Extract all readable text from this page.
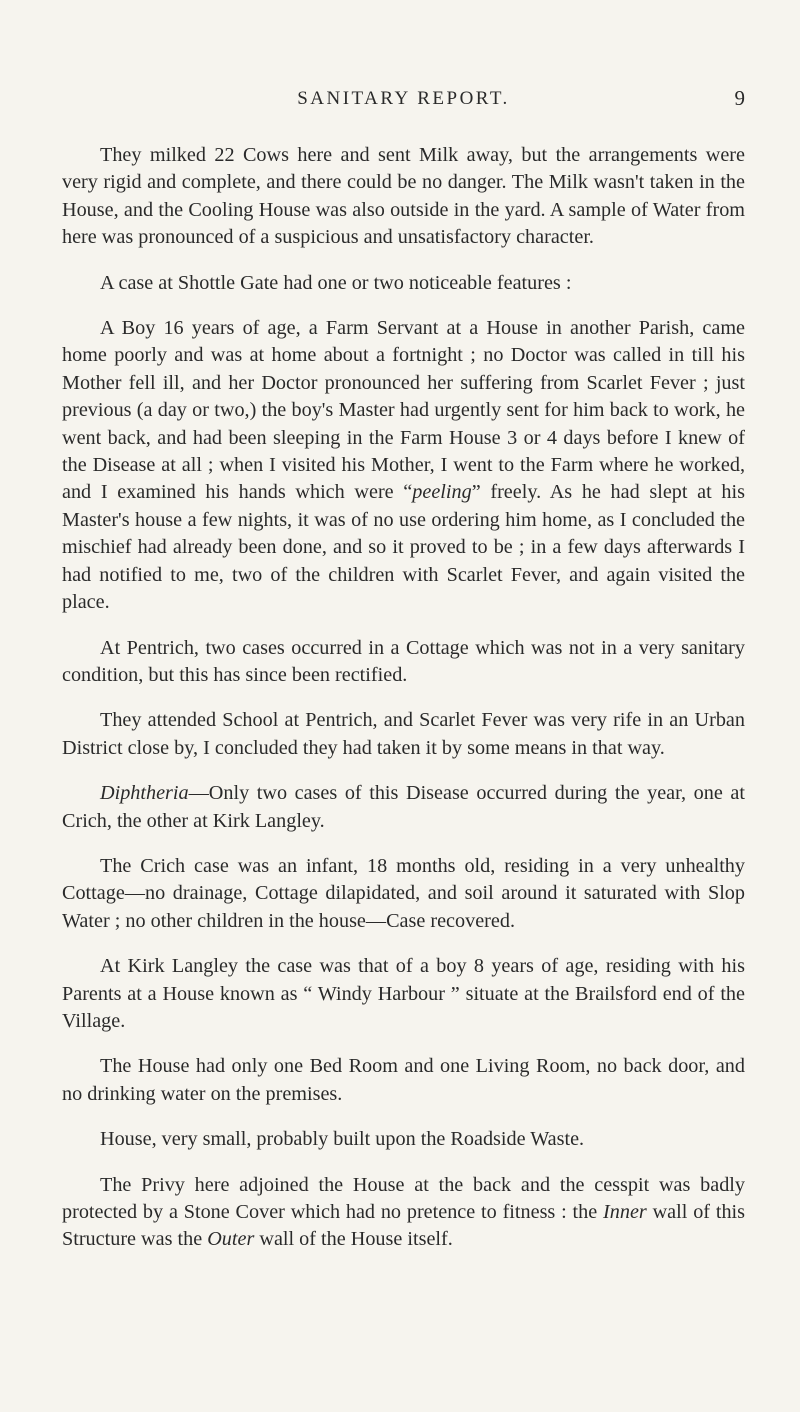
SANITARY REPORT.	9

They milked 22 Cows here and sent Milk away, but the arrangements were very rigid and complete, and there could be no danger. The Milk wasn't taken in the House, and the Cooling House was also outside in the yard. A sample of Water from here was pronounced of a suspicious and unsatisfactory character.

A case at Shottle Gate had one or two noticeable features :

A Boy 16 years of age, a Farm Servant at a House in another Parish, came home poorly and was at home about a fortnight ; no Doctor was called in till his Mother fell ill, and her Doctor pronounced her suffering from Scarlet Fever ; just previous (a day or two,) the boy's Master had urgently sent for him back to work, he went back, and had been sleeping in the Farm House 3 or 4 days before I knew of the Disease at all ; when I visited his Mother, I went to the Farm where he worked, and I examined his hands which were “peeling” freely. As he had slept at his Master's house a few nights, it was of no use ordering him home, as I concluded the mischief had already been done, and so it proved to be ; in a few days afterwards I had notified to me, two of the children with Scarlet Fever, and again visited the place.

At Pentrich, two cases occurred in a Cottage which was not in a very sanitary condition, but this has since been rectified.

They attended School at Pentrich, and Scarlet Fever was very rife in an Urban District close by, I concluded they had taken it by some means in that way.

Diphtheria—Only two cases of this Disease occurred during the year, one at Crich, the other at Kirk Langley.

The Crich case was an infant, 18 months old, residing in a very unhealthy Cottage—no drainage, Cottage dilapidated, and soil around it saturated with Slop Water ; no other children in the house—Case recovered.

At Kirk Langley the case was that of a boy 8 years of age, residing with his Parents at a House known as “ Windy Harbour ” situate at the Brailsford end of the Village.

The House had only one Bed Room and one Living Room, no back door, and no drinking water on the premises.

House, very small, probably built upon the Roadside Waste.

The Privy here adjoined the House at the back and the cesspit was badly protected by a Stone Cover which had no pretence to fitness : the Inner wall of this Structure was the Outer wall of the House itself.
